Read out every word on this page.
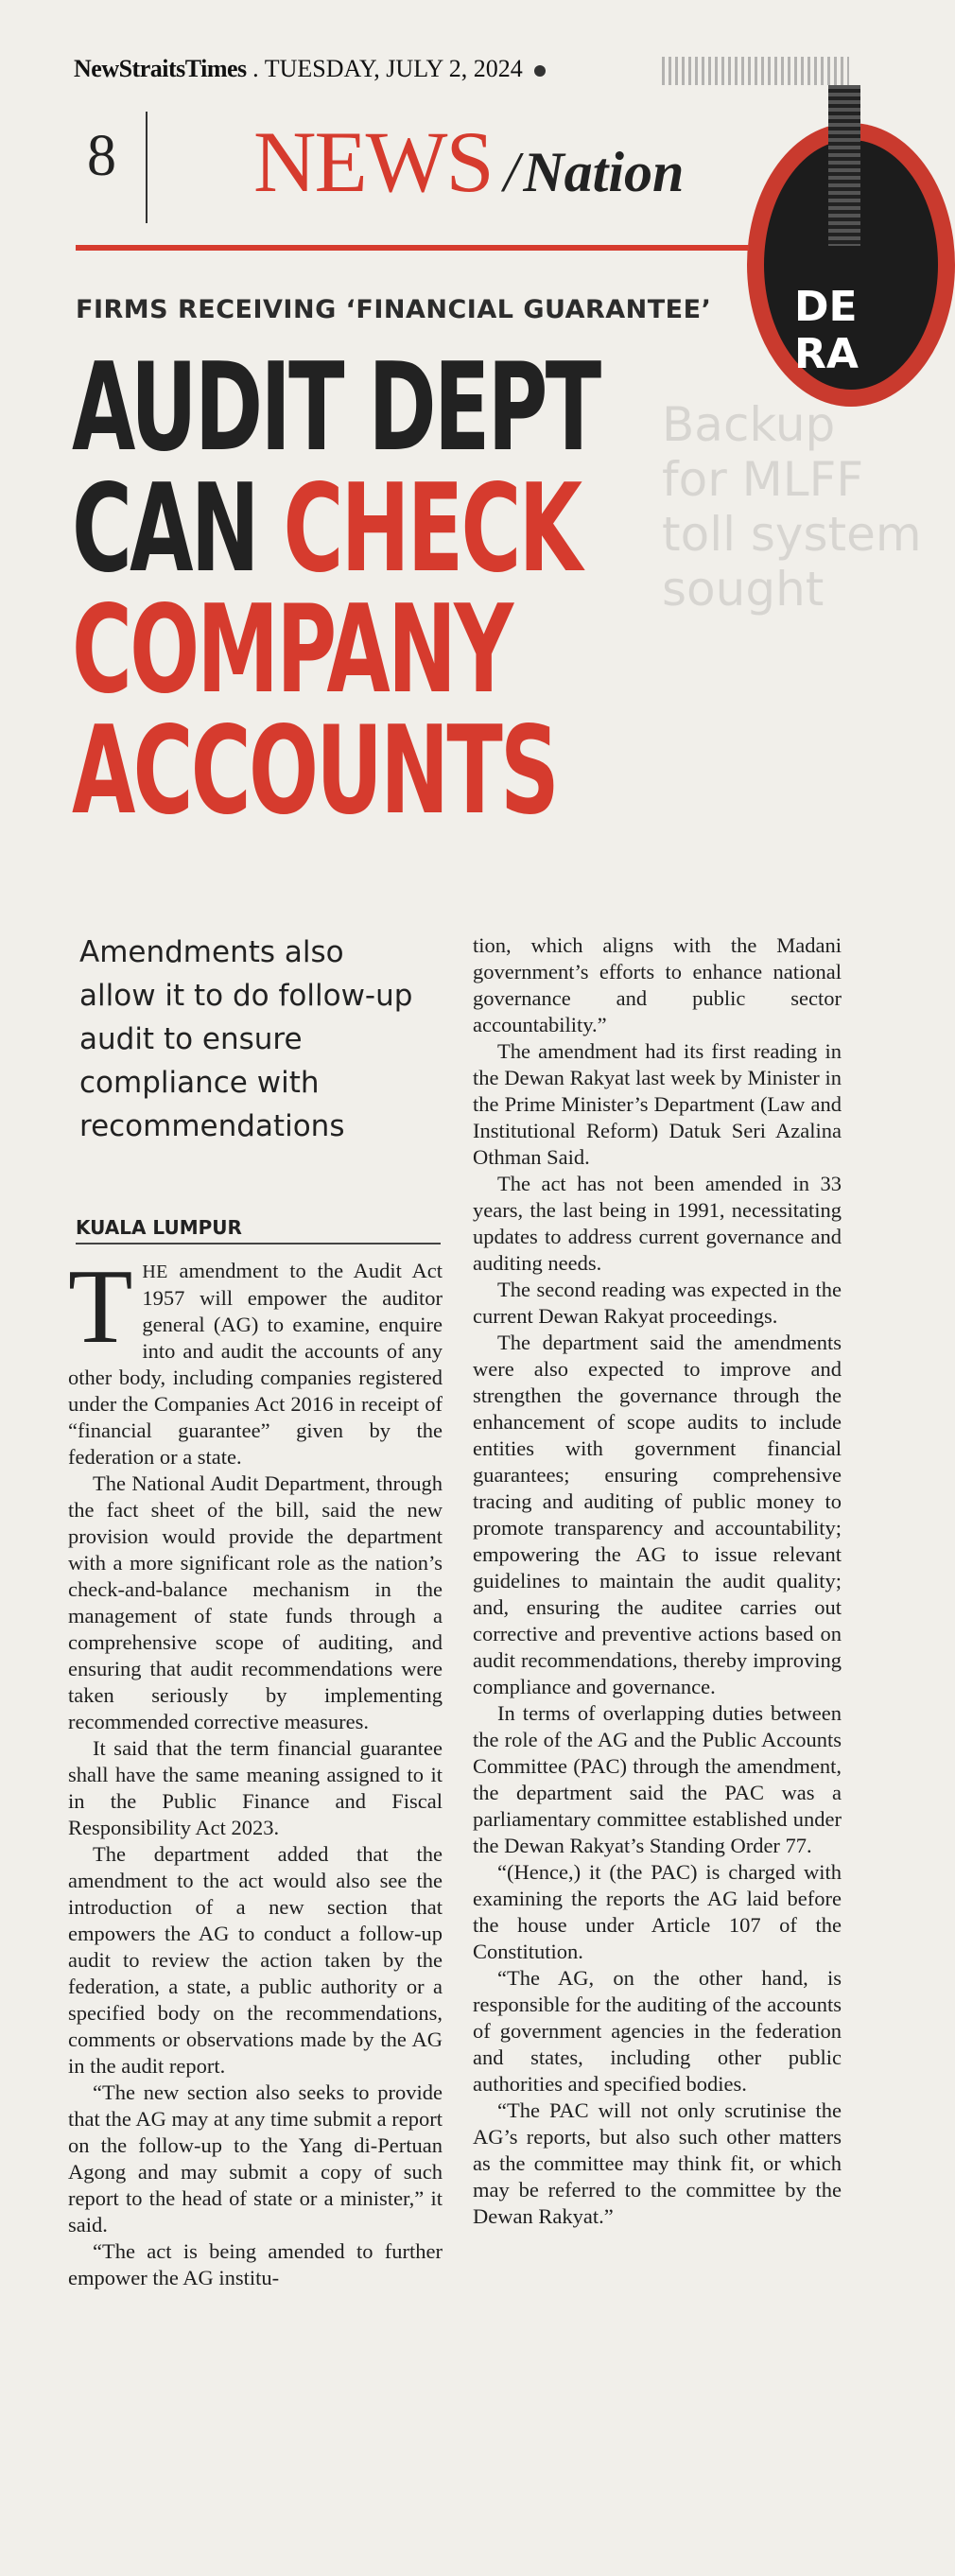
NewStraitsTimes . TUESDAY, JULY 2, 2024
8 NEWS / Nation
DE
RA
Backup
for MLFF
toll system
sought
FIRMS RECEIVING ‘FINANCIAL GUARANTEE’
AUDIT DEPT
CAN CHECK
COMPANY
ACCOUNTS
Amendments also allow it to do follow-up audit to ensure compliance with recommendations
KUALA LUMPUR

THE amendment to the Audit Act 1957 will empower the auditor general (AG) to examine, enquire into and audit the accounts of any other body, including companies registered under the Companies Act 2016 in receipt of “financial guarantee” given by the federation or a state.

The National Audit Department, through the fact sheet of the bill, said the new provision would provide the department with a more significant role as the nation’s check-and-balance mechanism in the management of state funds through a comprehensive scope of auditing, and ensuring that audit recommendations were taken seriously by implementing recommended corrective measures.

It said that the term financial guarantee shall have the same meaning assigned to it in the Public Finance and Fiscal Responsibility Act 2023.

The department added that the amendment to the act would also see the introduction of a new section that empowers the AG to conduct a follow-up audit to review the action taken by the federation, a state, a public authority or a specified body on the recommendations, comments or observations made by the AG in the audit report.

“The new section also seeks to provide that the AG may at any time submit a report on the follow-up to the Yang di-Pertuan Agong and may submit a copy of such report to the head of state or a minister,” it said.

“The act is being amended to further empower the AG institu-

tion, which aligns with the Madani government’s efforts to enhance national governance and public sector accountability.”

The amendment had its first reading in the Dewan Rakyat last week by Minister in the Prime Minister’s Department (Law and Institutional Reform) Datuk Seri Azalina Othman Said.

The act has not been amended in 33 years, the last being in 1991, necessitating updates to address current governance and auditing needs.

The second reading was expected in the current Dewan Rakyat proceedings.

The department said the amendments were also expected to improve and strengthen the governance through the enhancement of scope audits to include entities with government financial guarantees; ensuring comprehensive tracing and auditing of public money to promote transparency and accountability; empowering the AG to issue relevant guidelines to maintain the audit quality; and, ensuring the auditee carries out corrective and preventive actions based on audit recommendations, thereby improving compliance and governance.

In terms of overlapping duties between the role of the AG and the Public Accounts Committee (PAC) through the amendment, the department said the PAC was a parliamentary committee established under the Dewan Rakyat’s Standing Order 77.

“(Hence,) it (the PAC) is charged with examining the reports the AG laid before the house under Article 107 of the Constitution.

“The AG, on the other hand, is responsible for the auditing of the accounts of government agencies in the federation and states, including other public authorities and specified bodies.

“The PAC will not only scrutinise the AG’s reports, but also such other matters as the committee may think fit, or which may be referred to the committee by the Dewan Rakyat.”
